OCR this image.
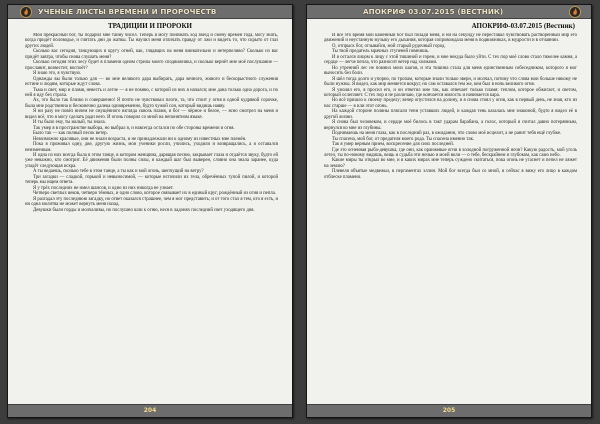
УЧЕНЫЕ ЛИСТЫ ВРЕМЕНИ И ПРОРОЧЕСТВ
ТРАДИЦИИ И ПРОРОКИ

Мой прекрасный бог, ты подарил мне тайну чисел. Теперь я могу понимать ход звёзд и смену времён года, могу знать, когда придёт половодье, и считать дни до жатвы. Ты научил меня отличать правду от лжи и видеть то, что скрыто от глаз других людей.

Сколько вас сегодня, танцующих в кругу огней, как, глядящих на меня внимательно и нетерпеливо? Сколько из вас придёт завтра, чтобы снова слушать меня?

Сколько сегодня этих лесу будет в пламени одном стрелы моего сподвижника, и сколько вернёт мне моё послушание — прославит, возвестит, воспоёт?

Я знаю это, я чувствую.

Однажды вы были только для — во мне великого дара выбирать, дара вечного, живого и бескорыстного служения истине и людям, которые ждут слова.

Тьма и свет, мир и пламя, невесть и легче — я не помню, с которой из них я начался; мне дана только одна дорога, и по ней я иду без страха.

Ах, это было так близко и совершенно! Я почти не чувствовал плоти, та, что стоит у огня в одной кудрявой сорочке, была мне родственна и бесконечно далека одновременно, будто чужой сон, который видишь наяву.

Я ни разу не повёл ничем не смущённого взгляда сквозь пламя, и бог — чёрное и белое, — ясно смотрел на меня и видел всё, что я могу сделать ради него. И огонь говорил со мной на непонятном языке.

И ты было ему, ты малый, ты знала.

Так умер я в пространстве выбора, но выбрал я, и навсегда остался по обе стороны времени и огня.

Было так — как полный песок ветер.

Невозможно красивые, они не знали возраста, и не принадлежали ни к одному из известных мне племён.

Пока я проживал одну, две, другую жизнь, мои ученики росли, учились, уходили и возвращались, а я оставался неизменным.

И одна из них всегда была в этом танце, в котором женщина, дарящая песню, закрывает глаза и отдаётся звуку, будто ей уже неважно, кто смотрит. Её движения были полны силы, и каждый шаг был выверен, словно она знала заранее, куда упадёт следующая искра.

А ты ведаешь, сколько тебе в этом танце, а ты как и мой огонь, шепчущий на ветру?

Три загадки — сладкой, горькой и невыносимой, — которые источили их тела, обречённых тупой пилой, и которой теперь мы ищем ответа.

Я у трёх последних не имел шансов, и одно из них никогда не узнает.

Четверо светлых веков, четверо тёмных, и одно слово, которое связывает их в единый круг, рождённый из огня и пепла.

Я разгадал эту последнюю загадку, но ответ оказался страшнее, чем я мог представить; и от того стал я тем, кто я есть, и ни одна молитва не может вернуть меня назад.

Девушки были горды и молчаливы, но послушно шли к огню, неся в ладонях последний свет уходящего дня.

204
АПОКРИФ 03.07.2015 (ВЕСТНИК)
АПОКРИФ-03.07.2015 (Вестник)

И всё это время мой каменный бог был позади меня, и ни на секунду не переставал чувствовать растворённый мир его движений и неустанную музыку его дыхания, которая сопровождала меня в подвижниках, в мудрости и в отчаянии.

О, отпрыск бог, отзывайся, мой старый рудочный город.

Ты твой предатель мрачных ступеней помнишь.

И я остался лицом к лицу с этой тишиной и горем, и мне некуда было уйти. С тех пор моё слово стало тяжелее камня, а сердце — легче пепла, что разносит ветер над холмами.

Но утренний лес не помнил моих шагов, и эта тишина стала для меня единственным собеседником, которого я мог выносить без боли.

Я шёл тогда долго и упорно, по тропам, которые знали только звери, и молчал, потому что слова мои больше никому не были нужны. Я видел, как мир меняется вокруг, но сам оставался тем же, кем был в ночь великого огня.

Я умолял его, я просил его, и он ответил мне так, как отвечает только пламя: теплом, которое обжигает, и светом, который ослепляет. С тех пор я не различаю, где кончается милость и начинается кара.

Но всё пришло к своему пределу; вечер опустился на долину, и я снова стоял у огня, как в первый день, не зная, кто из нас старше — я или этот огонь.

На каждой стороне поляны плясали тени уставших людей, и каждая тень казалась мне знакомой, будто я видел её в другой жизни.

Я снова был человеком, и сердце моё билось в такт ударам барабана, а голос, который я считал давно потерянным, вернулся ко мне из глубины.

Поднимаешь на меня глаза, как в последний раз, в ожидании, что слово моё исцелит, а не ранит тебя ещё глубже.

Ты спасена, мой бог, от предателя моего рода. Ты спасена именно так.

Так я умер верным прием, воскресение для сиих последней.

Где это огненная рыба-девушка, где они, как оранжевые огни в холодной погруженной ночи? Какую радость, мой уголь летел, ты по-новому видишь, вещь и судьба эти ночью и моей воли — о тебе, бескрайнем и глубоком, как само небо.

Какие миры ты открыл во мне, и в каких мирах мне теперь суждено скитаться, пока огонь не угаснет и пепел не ляжет на землю?

Плевеля объятые медвежьи, в пергаментах эллин. Мой бог всегда был со мной, и сейчас я вижу его лицо в каждом отблеске пламени.

205
